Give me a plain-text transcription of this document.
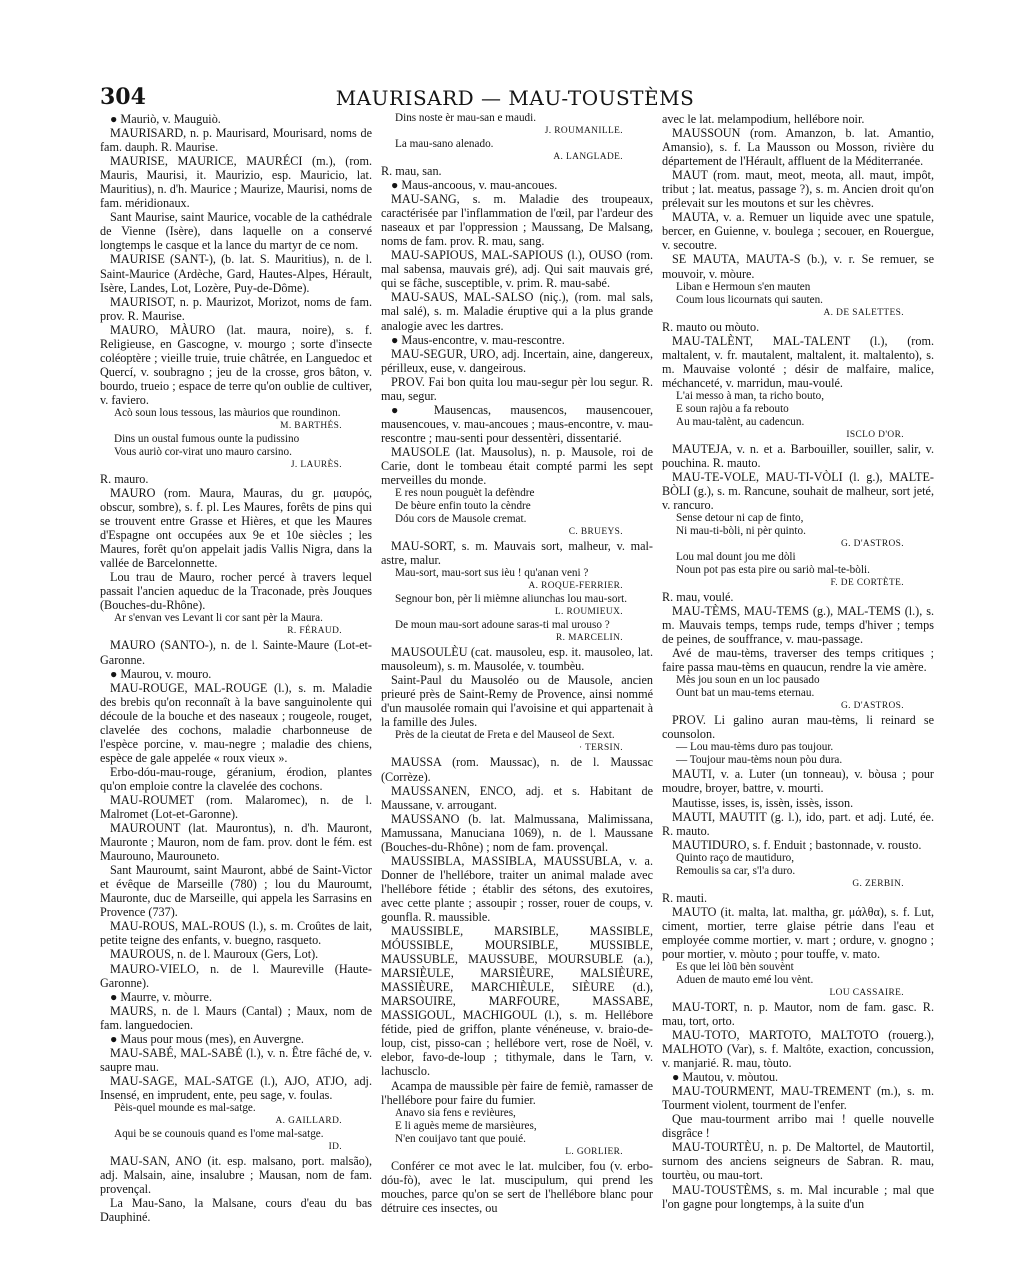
304	MAURISARD — MAU-TOUSTÈMS

● Mauriò, v. Mauguiò.

MAURISARD, n. p. Maurisard, Mourisard, noms de fam. dauph. R. Maurise.

MAURISE, MAURICE, MAURÉCI (m.), (rom. Mauris, Maurisi, it. Maurizio, esp. Mauricio, lat. Mauritius), n. d'h. Maurice ; Maurize, Maurisi, noms de fam. méridionaux.

Sant Maurise, saint Maurice, vocable de la cathédrale de Vienne (Isère), dans laquelle on a conservé longtemps le casque et la lance du martyr de ce nom.

MAURISE (SANT-), (b. lat. S. Mauritius), n. de l. Saint-Maurice (Ardèche, Gard, Hautes-Alpes, Hérault, Isère, Landes, Lot, Lozère, Puy-de-Dôme).

MAURISOT, n. p. Maurizot, Morizot, noms de fam. prov. R. Maurise.

MAURO, MÀURO (lat. maura, noire), s. f. Religieuse, en Gascogne, v. mourgo ; sorte d'insecte coléoptère ; vieille truie, truie châtrée, en Languedoc et Quercí, v. soubragno ; jeu de la crosse, gros bâton, v. bourdo, trueio ; espace de terre qu'on oublie de cultiver, v. faviero.

Acò soun lous tessous, las màurios que roundinon.

M. BARTHÉS.

Dins un oustal fumous ounte la pudissino
Vous auriò cor-virat uno mauro carsino.

J. LAURÈS.

R. mauro.

MAURO (rom. Maura, Mauras, du gr. μαυρός, obscur, sombre), s. f. pl. Les Maures, forêts de pins qui se trouvent entre Grasse et Hières, et que les Maures d'Espagne ont occupées aux 9e et 10e siècles ; les Maures, forêt qu'on appelait jadis Vallis Nigra, dans la vallée de Barcelonnette.

Lou trau de Mauro, rocher percé à travers lequel passait l'ancien aqueduc de la Traconade, près Jouques (Bouches-du-Rhône).

Ar s'envan ves Levant li cor sant pèr la Maura.

R. FÉRAUD.

MAURO (SANTO-), n. de l. Sainte-Maure (Lot-et-Garonne.

● Maurou, v. mouro.

MAU-ROUGE, MAL-ROUGE (l.), s. m. Maladie des brebis qu'on reconnaît à la bave sanguinolente qui découle de la bouche et des naseaux ; rougeole, rouget, clavelée des cochons, maladie charbonneuse de l'espèce porcine, v. mau-negre ; maladie des chiens, espèce de gale appelée « roux vieux ».

Erbo-dóu-mau-rouge, géranium, érodion, plantes qu'on emploie contre la clavelée des cochons.

MAU-ROUMET (rom. Malaromec), n. de l. Malromet (Lot-et-Garonne).

MAUROUNT (lat. Maurontus), n. d'h. Mauront, Mauronte ; Mauron, nom de fam. prov. dont le fém. est Maurouno, Maurouneto.

Sant Mauroumt, saint Mauront, abbé de Saint-Victor et évêque de Marseille (780) ; lou du Mauroumt, Mauronte, duc de Marseille, qui appela les Sarrasins en Provence (737).

MAU-ROUS, MAL-ROUS (l.), s. m. Croûtes de lait, petite teigne des enfants, v. buegno, rasqueto.

MAUROUS, n. de l. Mauroux (Gers, Lot).

MAURO-VIELO, n. de l. Maureville (Haute-Garonne).

● Maurre, v. mòurre.

MAURS, n. de l. Maurs (Cantal) ; Maux, nom de fam. languedocien.

● Maus pour mous (mes), en Auvergne.

MAU-SABÉ, MAL-SABÉ (l.), v. n. Être fâché de, v. saupre mau.

MAU-SAGE, MAL-SATGE (l.), AJO, ATJO, adj. Insensé, en imprudent, ente, peu sage, v. foulas.

Pèis-quel mounde es mal-satge.

A. GAILLARD.

Aqui be se counouis quand es l'ome mal-satge.

ID.

MAU-SAN, ANO (it. esp. malsano, port. malsão), adj. Malsain, aine, insalubre ; Mausan, nom de fam. provençal.

La Mau-Sano, la Malsane, cours d'eau du bas Dauphiné.

Dins noste èr mau-san e maudi.

J. ROUMANILLE.

La mau-sano alenado.

A. LANGLADE.

R. mau, san.

● Maus-ancoous, v. mau-ancoues.

MAU-SANG, s. m. Maladie des troupeaux, caractérisée par l'inflammation de l'œil, par l'ardeur des naseaux et par l'oppression ; Maussang, De Malsang, noms de fam. prov. R. mau, sang.

MAU-SAPIOUS, MAL-SAPIOUS (l.), OUSO (rom. mal sabensa, mauvais gré), adj. Qui sait mauvais gré, qui se fâche, susceptible, v. prim. R. mau-sabé.

MAU-SAUS, MAL-SALSO (niç.), (rom. mal sals, mal salé), s. m. Maladie éruptive qui a la plus grande analogie avec les dartres.

● Maus-encontre, v. mau-rescontre.

MAU-SEGUR, URO, adj. Incertain, aine, dangereux, périlleux, euse, v. dangeirous.

PROV. Fai bon quita lou mau-segur pèr lou segur. R. mau, segur.

● Mausencas, mausencos, mausencouer, mausencoues, v. mau-ancoues ; maus-encontre, v. mau-rescontre ; mau-senti pour dessentèri, dissentarié.

MAUSOLE (lat. Mausolus), n. p. Mausole, roi de Carie, dont le tombeau était compté parmi les sept merveilles du monde.

E res noun pouguèt la defèndre
De bèure enfin touto la cèndre
Dóu cors de Mausole cremat.

C. BRUEYS.

MAU-SORT, s. m. Mauvais sort, malheur, v. mal-astre, malur.

Mau-sort, mau-sort sus ièu ! qu'anan veni ?

A. ROQUE-FERRIER.

Segnour bon, pèr li mièmne aliunchas lou mau-sort.

L. ROUMIEUX.

De moun mau-sort adoune saras-ti mal urouso ?

R. MARCELIN.

MAUSOULÈU (cat. mausoleu, esp. it. mausoleo, lat. mausoleum), s. m. Mausolée, v. toumbèu.

Saint-Paul du Mausoléo ou de Mausole, ancien prieuré près de Saint-Remy de Provence, ainsi nommé d'un mausolée romain qui l'avoisine et qui appartenait à la famille des Jules.

Près de la cieutat de Freta e del Mauseol de Sext.

· TERSIN.

MAUSSA (rom. Maussac), n. de l. Maussac (Corrèze).

MAUSSANEN, ENCO, adj. et s. Habitant de Maussane, v. arrougant.

MAUSSANO (b. lat. Malmussana, Malimissana, Mamussana, Manuciana 1069), n. de l. Maussane (Bouches-du-Rhône) ; nom de fam. provençal.

MAUSSIBLA, MASSIBLA, MAUSSUBLA, v. a. Donner de l'hellébore, traiter un animal malade avec l'hellébore fétide ; établir des sétons, des exutoires, avec cette plante ; assoupir ; rosser, rouer de coups, v. gounfla. R. maussible.

MAUSSIBLE, MARSIBLE, MASSIBLE, MÓUSSIBLE, MOURSIBLE, MUSSIBLE, MAUSSUBLE, MAUSSUBE, MOURSUBLE (a.), MARSIÈULE, MARSIÈURE, MALSIÈURE, MASSIÈURE, MARCHIÈULE, SIÈURE (d.), MARSOUIRE, MARFOURE, MASSABE, MASSIGOUL, MACHIGOUL (l.), s. m. Hellébore fétide, pied de griffon, plante vénéneuse, v. braio-de-loup, cist, pisso-can ; hellébore vert, rose de Noël, v. elebor, favo-de-loup ; tithymale, dans le Tarn, v. lachusclo.

Acampa de maussible pèr faire de femiè, ramasser de l'hellébore pour faire du fumier.

Anavo sia fens e revièures,
E li aguès meme de marsièures,
N'en couijavo tant que pouié.

L. GORLIER.

Conférer ce mot avec le lat. mulciber, fou (v. erbo-dóu-fò), avec le lat. muscipulum, qui prend les mouches, parce qu'on se sert de l'hellébore blanc pour détruire ces insectes, ou

avec le lat. melampodium, hellébore noir.

MAUSSOUN (rom. Amanzon, b. lat. Amantio, Amansio), s. f. La Mausson ou Mosson, rivière du département de l'Hérault, affluent de la Méditerranée.

MAUT (rom. maut, meot, meota, all. maut, impôt, tribut ; lat. meatus, passage ?), s. m. Ancien droit qu'on prélevait sur les moutons et sur les chèvres.

MAUTA, v. a. Remuer un liquide avec une spatule, bercer, en Guienne, v. boulega ; secouer, en Rouergue, v. secoutre.

SE MAUTA, MAUTA-S (b.), v. r. Se remuer, se mouvoir, v. mòure.

Liban e Hermoun s'en mauten
Coum lous licournats qui sauten.

A. DE SALETTES.

R. mauto ou mòuto.

MAU-TALÈNT, MAL-TALENT (l.), (rom. maltalent, v. fr. mautalent, maltalent, it. maltalento), s. m. Mauvaise volonté ; désir de malfaire, malice, méchanceté, v. marridun, mau-voulé.

L'ai messo à man, ta richo bouto,
E soun rajòu a fa rebouto
Au mau-talènt, au cadencun.

ISCLO D'OR.

MAUTEJA, v. n. et a. Barbouiller, souiller, salir, v. pouchina. R. mauto.

MAU-TE-VOLE, MAU-TI-VÒLI (l. g.), MALTE-BÒLI (g.), s. m. Rancune, souhait de malheur, sort jeté, v. rancuro.

Sense detour ni cap de finto,
Ni mau-ti-bòli, ni pèr quinto.

G. D'ASTROS.

Lou mal dount jou me dòli
Noun pot pas esta pire ou sariò mal-te-bòli.

F. DE CORTÈTE.

R. mau, voulé.

MAU-TÈMS, MAU-TEMS (g.), MAL-TEMS (l.), s. m. Mauvais temps, temps rude, temps d'hiver ; temps de peines, de souffrance, v. mau-passage.

Avé de mau-tèms, traverser des temps critiques ; faire passa mau-tèms en quaucun, rendre la vie amère.

Mès jou soun en un loc pausado
Ount bat un mau-tems eternau.

G. D'ASTROS.

PROV. Li galino auran mau-tèms, li reinard se counsolon.

— Lou mau-tèms duro pas toujour.
— Toujour mau-tèms noun pòu dura.

MAUTI, v. a. Luter (un tonneau), v. bòusa ; pour moudre, broyer, battre, v. mourti.

Mautisse, isses, is, issèn, issès, isson.

MAUTI, MAUTIT (g. l.), ido, part. et adj. Luté, ée. R. mauto.

MAUTIDURO, s. f. Enduit ; bastonnade, v. rousto.

Quinto raço de mautiduro,
Remoulis sa car, s'l'a duro.

G. ZERBIN.

R. mauti.

MAUTO (it. malta, lat. maltha, gr. μάλθα), s. f. Lut, ciment, mortier, terre glaise pétrie dans l'eau et employée comme mortier, v. mart ; ordure, v. gnogno ; pour mortier, v. mòuto ; pour touffe, v. mato.

Es que lei lòū bèn souvènt
Aduen de mauto emé lou vènt.

LOU CASSAIRE.

MAU-TORT, n. p. Mautor, nom de fam. gasc. R. mau, tort, orto.

MAU-TOTO, MARTOTO, MALTOTO (rouerg.), MALHOTO (Var), s. f. Maltôte, exaction, concussion, v. manjarié. R. mau, tòuto.

● Mautou, v. mòutou.

MAU-TOURMENT, MAU-TREMENT (m.), s. m. Tourment violent, tourment de l'enfer.

Que mau-tourment arribo mai ! quelle nouvelle disgrâce !

MAU-TOURTÈU, n. p. De Maltortel, de Mautortil, surnom des anciens seigneurs de Sabran. R. mau, tourtèu, ou mau-tort.

MAU-TOUSTÈMS, s. m. Mal incurable ; mal que l'on gagne pour longtemps, à la suite d'un
